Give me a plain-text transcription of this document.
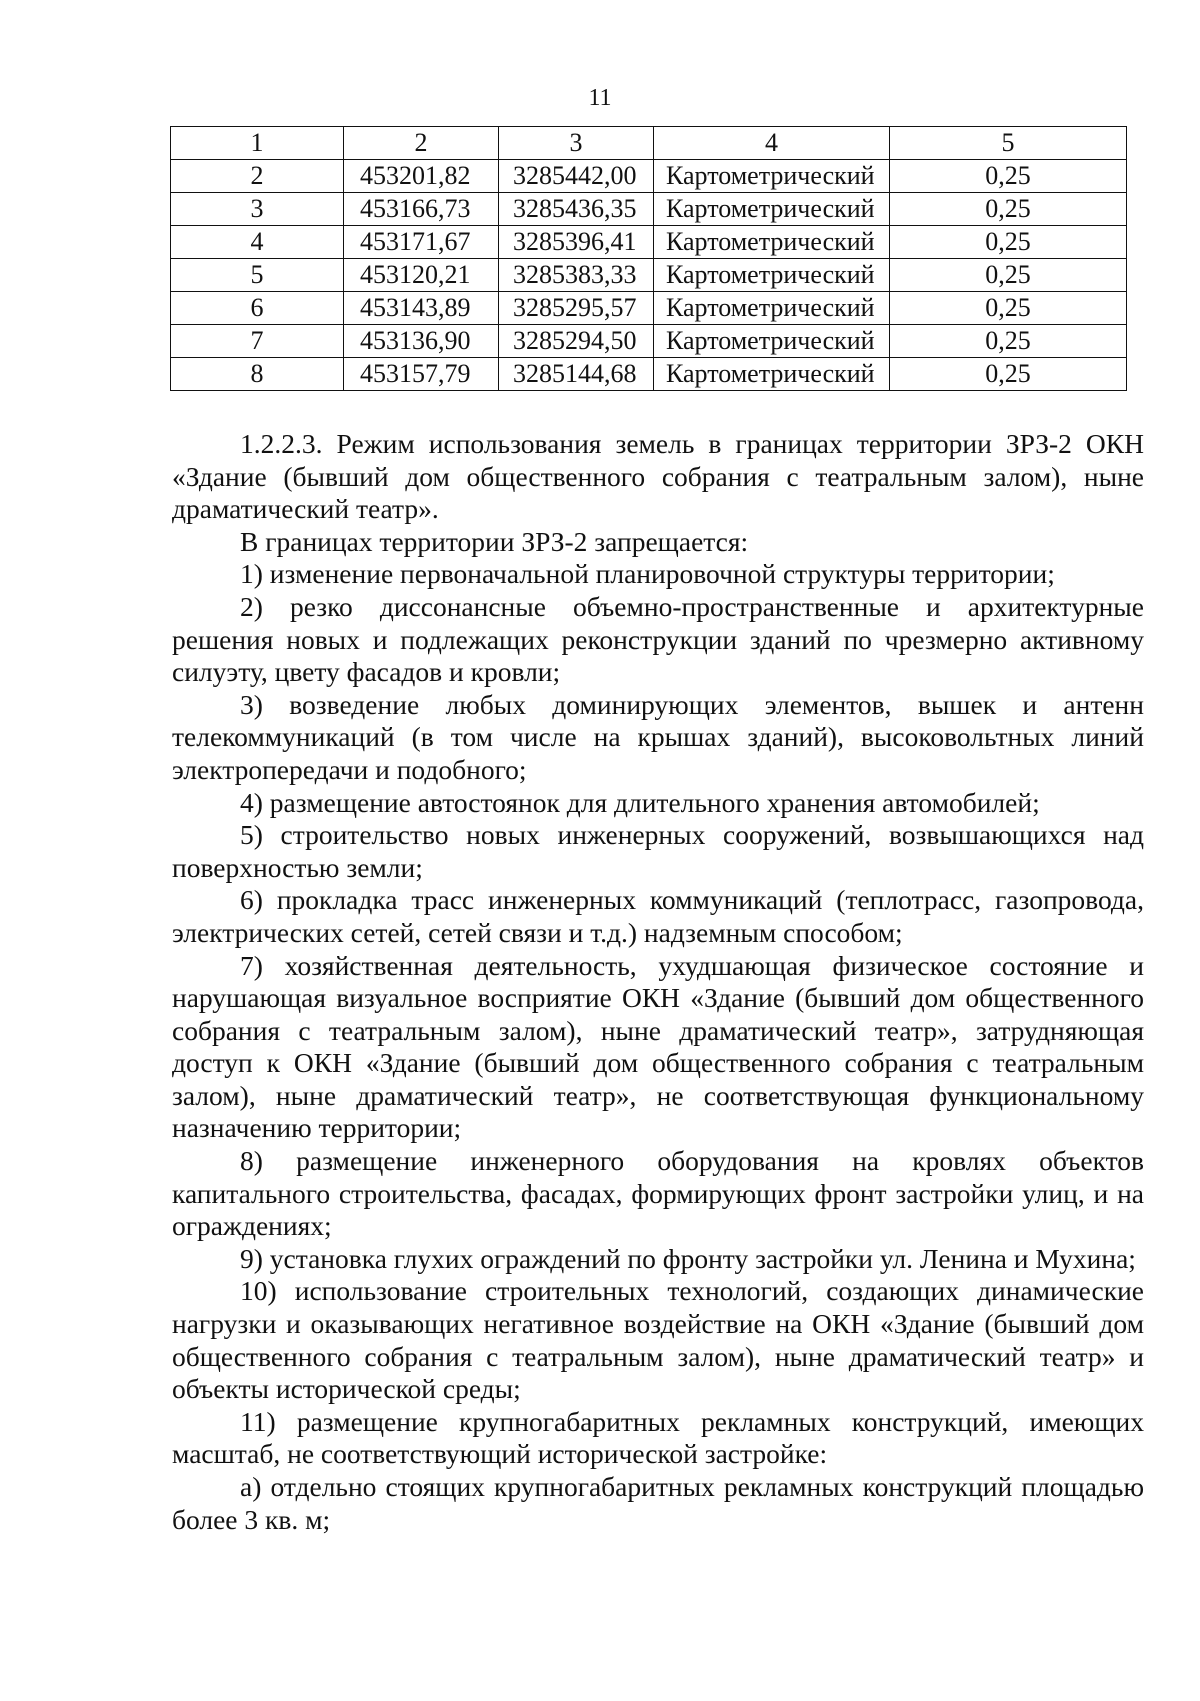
11
1	2	3	4	5
2	453201,82	3285442,00	Картометрический	0,25
3	453166,73	3285436,35	Картометрический	0,25
4	453171,67	3285396,41	Картометрический	0,25
5	453120,21	3285383,33	Картометрический	0,25
6	453143,89	3285295,57	Картометрический	0,25
7	453136,90	3285294,50	Картометрический	0,25
8	453157,79	3285144,68	Картометрический	0,25

1.2.2.3. Режим использования земель в границах территории ЗРЗ-2 ОКН «Здание (бывший дом общественного собрания с театральным залом), ныне драматический театр».

В границах территории ЗРЗ-2 запрещается:

1) изменение первоначальной планировочной структуры территории;

2) резко диссонансные объемно-пространственные и архитектурные решения новых и подлежащих реконструкции зданий по чрезмерно активному силуэту, цвету фасадов и кровли;

3) возведение любых доминирующих элементов, вышек и антенн телекоммуникаций (в том числе на крышах зданий), высоковольтных линий электропередачи и подобного;

4) размещение автостоянок для длительного хранения автомобилей;

5) строительство новых инженерных сооружений, возвышающихся над поверхностью земли;

6) прокладка трасс инженерных коммуникаций (теплотрасс, газопровода, электрических сетей, сетей связи и т.д.) надземным способом;

7) хозяйственная деятельность, ухудшающая физическое состояние и нарушающая визуальное восприятие ОКН «Здание (бывший дом общественного собрания с театральным залом), ныне драматический театр», затрудняющая доступ к ОКН «Здание (бывший дом общественного собрания с театральным залом), ныне драматический театр», не соответствующая функциональному назначению территории;

8) размещение инженерного оборудования на кровлях объектов капитального строительства, фасадах, формирующих фронт застройки улиц, и на ограждениях;

9) установка глухих ограждений по фронту застройки ул. Ленина и Мухина;

10) использование строительных технологий, создающих динамические нагрузки и оказывающих негативное воздействие на ОКН «Здание (бывший дом общественного собрания с театральным залом), ныне драматический театр» и объекты исторической среды;

11) размещение крупногабаритных рекламных конструкций, имеющих масштаб, не соответствующий исторической застройке:

а) отдельно стоящих крупногабаритных рекламных конструкций площадью более 3 кв. м;
